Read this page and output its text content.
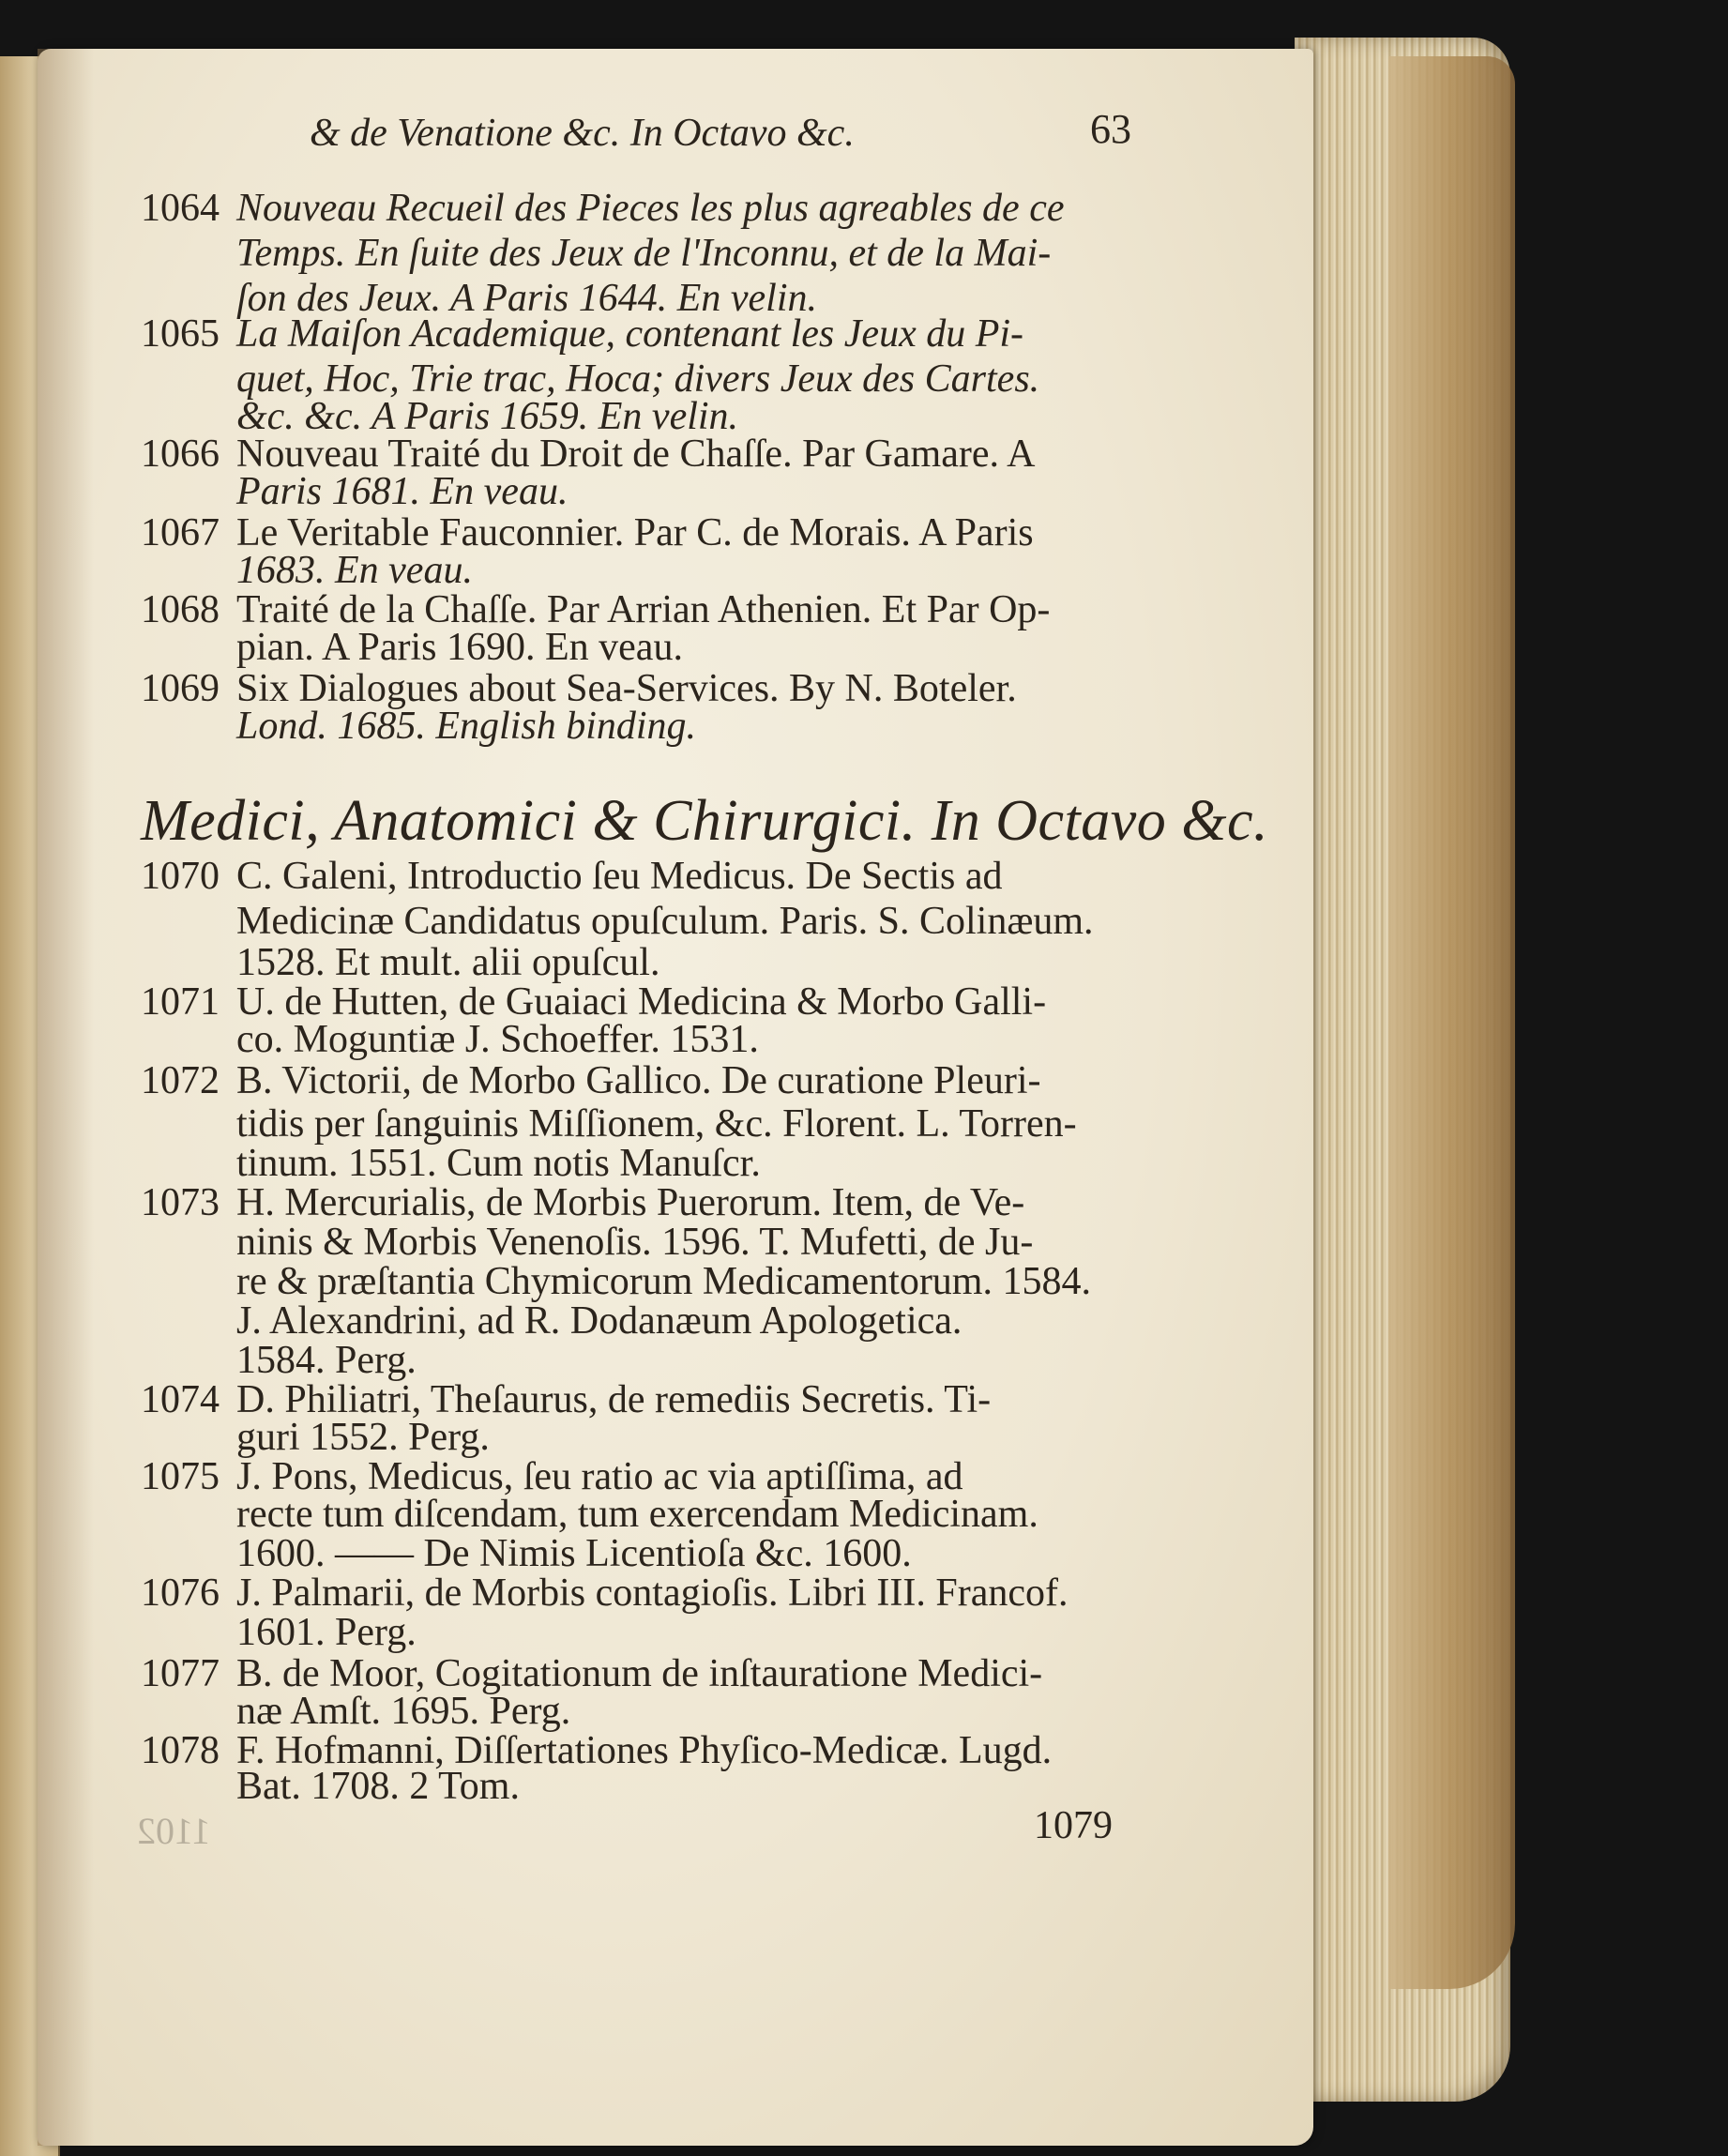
& de Venatione &c. In Octavo &c.	63
1064 Nouveau Recueil des Pieces les plus agreables de ce
Temps. En ſuite des Jeux de l'Inconnu, et de la Mai-
ſon des Jeux. A Paris 1644. En velin.
1065 La Maiſon Academique, contenant les Jeux du Pi-
quet, Hoc, Trie trac, Hoca; divers Jeux des Cartes.
&c. &c. A Paris 1659. En velin.
1066 Nouveau Traité du Droit de Chaſſe. Par Gamare. A
Paris 1681. En veau.
1067 Le Veritable Fauconnier. Par C. de Morais. A Paris
1683. En veau.
1068 Traité de la Chaſſe. Par Arrian Athenien. Et Par Op-
pian. A Paris 1690. En veau.
1069 Six Dialogues about Sea-Services. By N. Boteler.
Lond. 1685. English binding.
Medici, Anatomici & Chirurgici. In Octavo &c.
1070 C. Galeni, Introductio ſeu Medicus. De Sectis ad
Medicinæ Candidatus opuſculum. Paris. S. Colinæum.
1528. Et mult. alii opuſcul.
1071 U. de Hutten, de Guaiaci Medicina & Morbo Galli-
co. Moguntiæ J. Schoeffer. 1531.
1072 B. Victorii, de Morbo Gallico. De curatione Pleuri-
tidis per ſanguinis Miſſionem, &c. Florent. L. Torren-
tinum. 1551. Cum notis Manuſcr.
1073 H. Mercurialis, de Morbis Puerorum. Item, de Ve-
ninis & Morbis Venenoſis. 1596. T. Mufetti, de Ju-
re & præſtantia Chymicorum Medicamentorum. 1584.
J. Alexandrini, ad R. Dodanæum Apologetica.
1584. Perg.
1074 D. Philiatri, Theſaurus, de remediis Secretis. Ti-
guri 1552. Perg.
1075 J. Pons, Medicus, ſeu ratio ac via aptiſſima, ad
recte tum diſcendam, tum exercendam Medicinam.
1600. —— De Nimis Licentioſa &c. 1600.
1076 J. Palmarii, de Morbis contagioſis. Libri III. Francof.
1601. Perg.
1077 B. de Moor, Cogitationum de inſtauratione Medici-
næ Amſt. 1695. Perg.
1078 F. Hofmanni, Diſſertationes Phyſico-Medicæ. Lugd.
Bat. 1708. 2 Tom.
1102	1079
